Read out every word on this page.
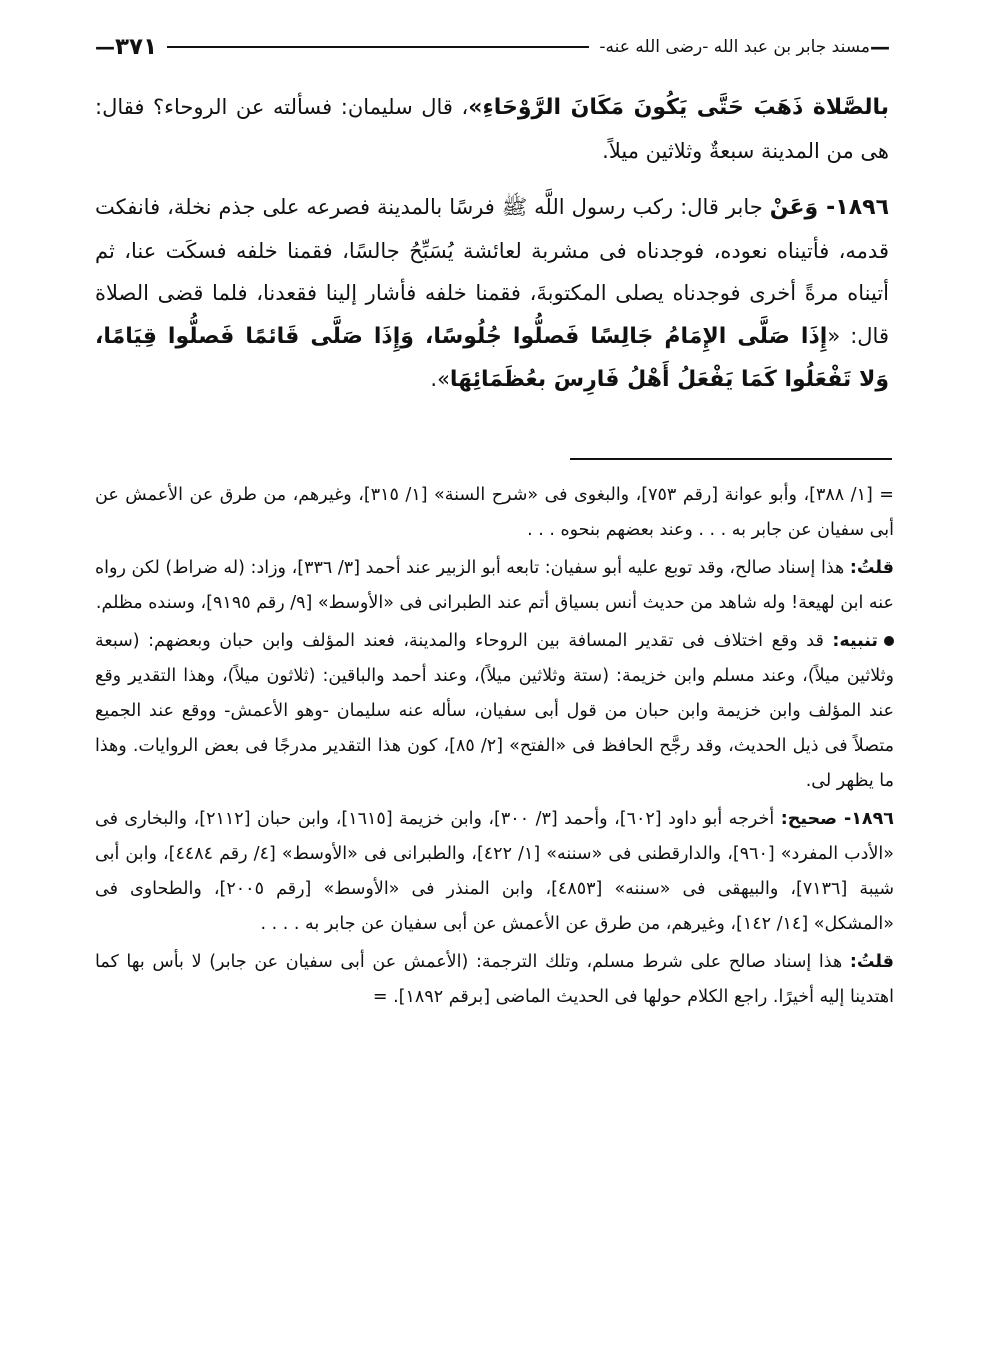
—
مسند جابر بن عبد الله -رضى الله عنه-
٣٧١
—

بالصَّلاة ذَهَبَ حَتَّى يَكُونَ مَكَانَ الرَّوْحَاءِ»، قال سليمان: فسألته عن الروحاء؟ فقال: هى من المدينة سبعةٌ وثلاثين ميلاً.

١٨٩٦- وَعَنْ جابر قال: ركب رسول اللَّه ﷺ فرسًا بالمدينة فصرعه على جذم نخلة، فانفكت قدمه، فأتيناه نعوده، فوجدناه فى مشربة لعائشة يُسَبِّحُ جالسًا، فقمنا خلفه فسكَت عنا، ثم أتيناه مرةً أخرى فوجدناه يصلى المكتوبةَ، فقمنا خلفه فأشار إلينا فقعدنا، فلما قضى الصلاة قال: «إِذَا صَلَّى الإِمَامُ جَالِسًا فَصلُّوا جُلُوسًا، وَإِذَا صَلَّى قَائمًا فَصلُّوا قِيَامًا، وَلا تَفْعَلُوا كَمَا يَفْعَلُ أَهْلُ فَارِسَ بعُظَمَائِهَا».

= [١/ ٣٨٨]، وأبو عوانة [رقم ٧٥٣]، والبغوى فى «شرح السنة» [١/ ٣١٥]، وغيرهم، من طرق عن الأعمش عن أبى سفيان عن جابر به . . . وعند بعضهم بنحوه . . .

قلتُ: هذا إسناد صالح، وقد توبع عليه أبو سفيان: تابعه أبو الزبير عند أحمد [٣/ ٣٣٦]، وزاد: (له ضراط) لكن رواه عنه ابن لهيعة! وله شاهد من حديث أنس بسياق أتم عند الطبرانى فى «الأوسط» [٩/ رقم ٩١٩٥]، وسنده مظلم.

تنبيه: قد وقع اختلاف فى تقدير المسافة بين الروحاء والمدينة، فعند المؤلف وابن حبان وبعضهم: (سبعة وثلاثين ميلاً)، وعند مسلم وابن خزيمة: (ستة وثلاثين ميلاً)، وعند أحمد والباقين: (ثلاثون ميلاً)، وهذا التقدير وقع عند المؤلف وابن خزيمة وابن حبان من قول أبى سفيان، سأله عنه سليمان -وهو الأعمش- ووقع عند الجميع متصلاً فى ذيل الحديث، وقد رجَّح الحافظ فى «الفتح» [٢/ ٨٥]، كون هذا التقدير مدرجًا فى بعض الروايات. وهذا ما يظهر لى.

١٨٩٦- صحيح: أخرجه أبو داود [٦٠٢]، وأحمد [٣/ ٣٠٠]، وابن خزيمة [١٦١٥]، وابن حبان [٢١١٢]، والبخارى فى «الأدب المفرد» [٩٦٠]، والدارقطنى فى «سننه» [١/ ٤٢٢]، والطبرانى فى «الأوسط» [٤/ رقم ٤٤٨٤]، وابن أبى شيبة [٧١٣٦]، والبيهقى فى «سننه» [٤٨٥٣]، وابن المنذر فى «الأوسط» [رقم ٢٠٠٥]، والطحاوى فى «المشكل» [١٤/ ١٤٢]، وغيرهم، من طرق عن الأعمش عن أبى سفيان عن جابر به . . . .

قلتُ: هذا إسناد صالح على شرط مسلم، وتلك الترجمة: (الأعمش عن أبى سفيان عن جابر) لا بأس بها كما اهتدينا إليه أخيرًا. راجع الكلام حولها فى الحديث الماضى [برقم ١٨٩٢]. =
